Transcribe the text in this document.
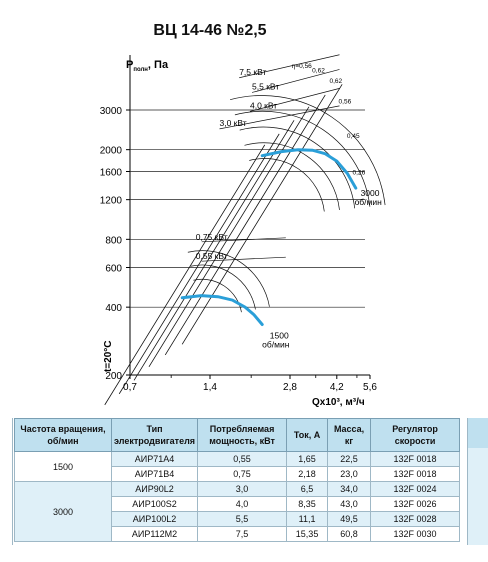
ВЦ 14-46 №2,5
$P_{полн}$, Па
Qx10³, м³/ч
t=20°C
7,5 кВт
5,5 кВт
4,0 кВт
3,0 кВт
0,75 кВт
0,55 кВт
η=0,56
0,62
0,62
0,56
0,45
0,26
3000 об/мин
1500 об/мин
200
400
600
800
1200
1600
2000
3000
0,7	1,4	2,8	4,2 5,6
Частота вращения, об/мин	Тип электродвигателя	Потребляемая мощность, кВт	Ток, А	Масса, кг	Регулятор скорости
1500	АИР71А4	0,55	1,65	22,5	132F 0018
	АИР71В4	0,75	2,18	23,0	132F 0018
3000	АИР90L2	3,0	6,5	34,0	132F 0024
	АИР100S2	4,0	8,35	43,0	132F 0026
	АИР100L2	5,5	11,1	49,5	132F 0028
	АИР112М2	7,5	15,35	60,8	132F 0030
